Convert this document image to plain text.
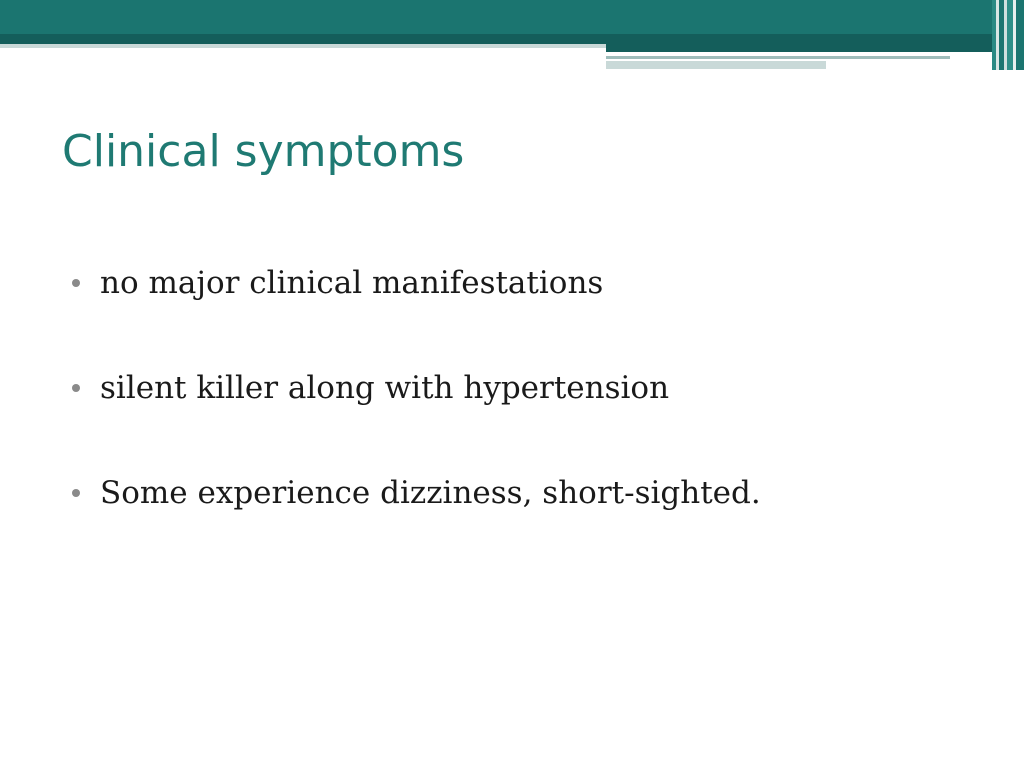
Clinical symptoms
no major clinical manifestations
silent killer along with hypertension
Some experience dizziness, short-sighted.
